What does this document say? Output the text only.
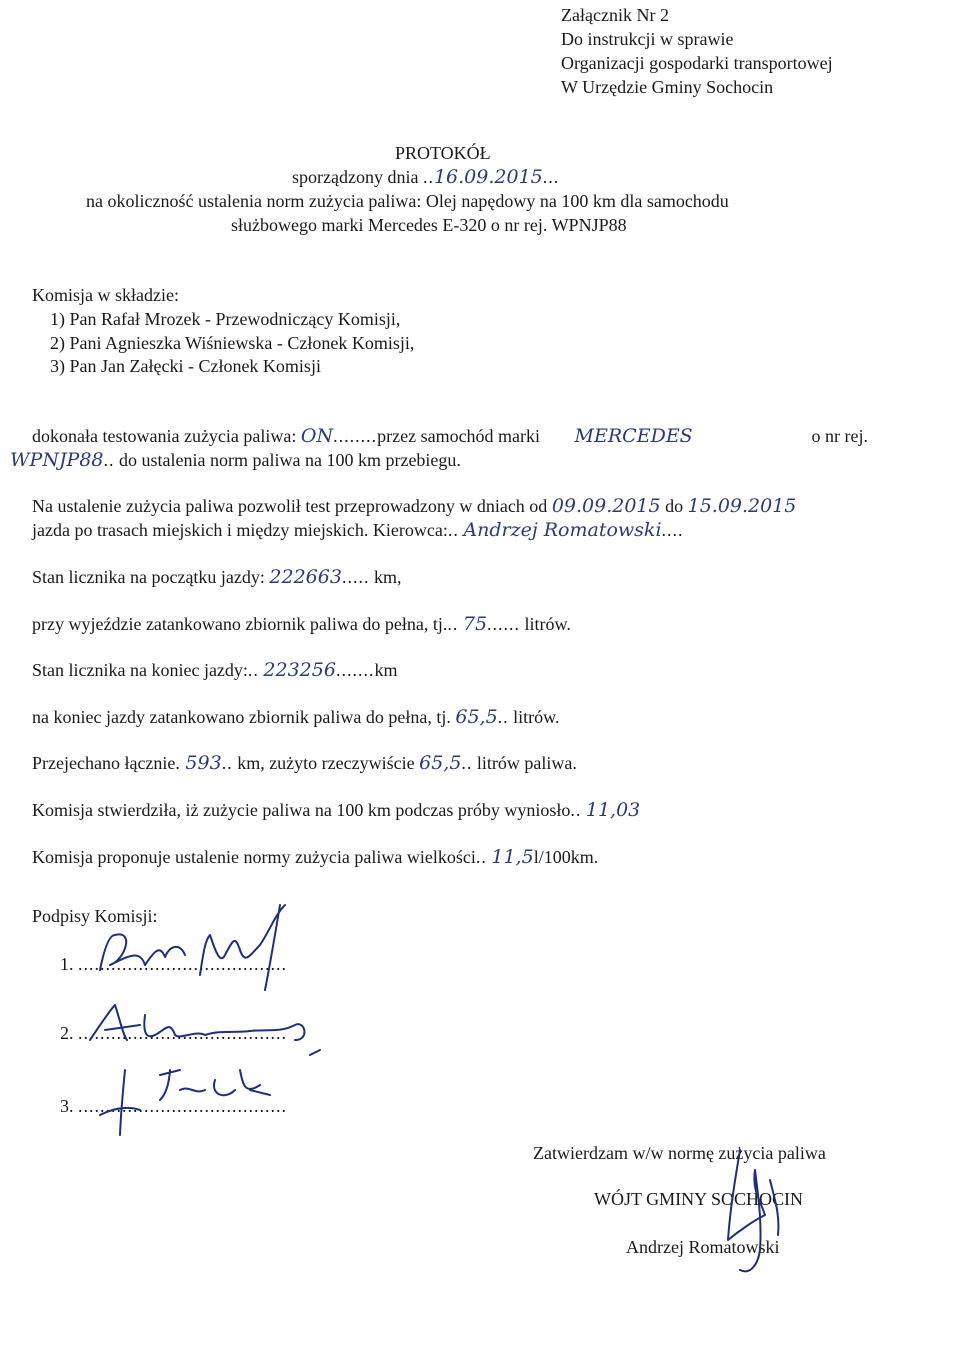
Załącznik Nr 2
Do instrukcji w sprawie
Organizacji gospodarki transportowej
W Urzędzie Gminy Sochocin
PROTOKÓŁ
sporządzony dnia ..16.09.2015...
na okoliczność ustalenia norm zużycia paliwa: Olej napędowy na 100 km dla samochodu
służbowego marki Mercedes E-320 o nr rej. WPNJP88
Komisja w składzie:
1) Pan Rafał Mrozek - Przewodniczący Komisji,
2) Pani Agnieszka Wiśniewska - Członek Komisji,
3) Pan Jan Załęcki - Członek Komisji
dokonała testowania zużycia paliwa: ON........przez samochód marki MERCEDES	o nr rej.
WPNJP88.. do ustalenia norm paliwa na 100 km przebiegu.
Na ustalenie zużycia paliwa pozwolił test przeprowadzony w dniach od 09.09.2015 do 15.09.2015
jazda po trasach miejskich i między miejskich. Kierowca:.. Andrzej Romatowski....
Stan licznika na początku jazdy: 222663..... km,
przy wyjeździe zatankowano zbiornik paliwa do pełna, tj... 75...... litrów.
Stan licznika na koniec jazdy:.. 223256.......km
na koniec jazdy zatankowano zbiornik paliwa do pełna, tj. 65,5.. litrów.
Przejechano łącznie. 593.. km, zużyto rzeczywiście 65,5.. litrów paliwa.
Komisja stwierdziła, iż zużycie paliwa na 100 km podczas próby wyniosło.. 11,03
Komisja proponuje ustalenie normy zużycia paliwa wielkości.. 11,5l/100km.
Podpisy Komisji:
1. ......................................
2. ......................................
3. ......................................
Zatwierdzam w/w normę zużycia paliwa
WÓJT GMINY SOCHOCIN
Andrzej Romatowski
